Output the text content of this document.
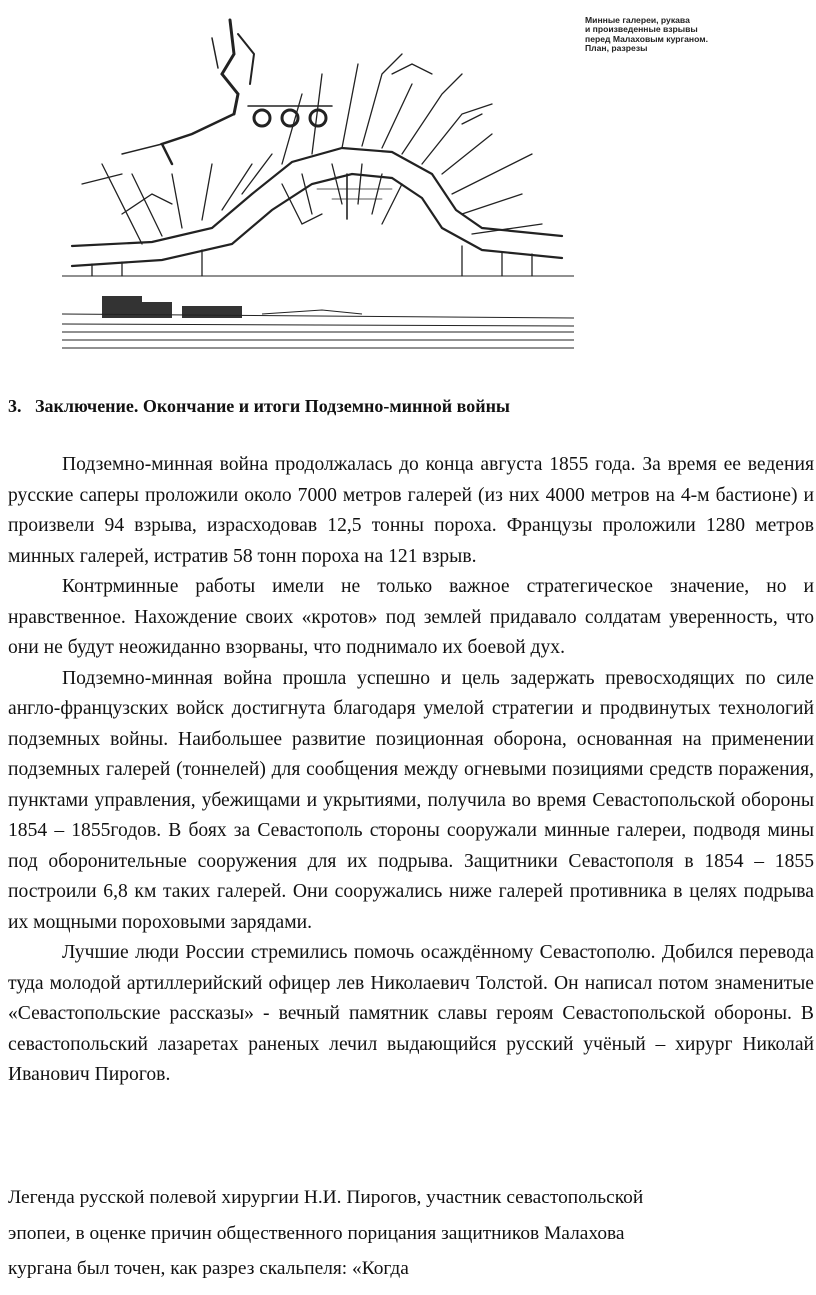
Минные галереи, рукава
и произведенные взрывы
перед Малаховым курганом.
План, разрезы
3. Заключение. Окончание и итоги Подземно-минной войны

Подземно-минная война продолжалась до конца августа 1855 года. За время ее ведения русские саперы проложили около 7000 метров галерей (из них 4000 метров на 4-м бастионе) и произвели 94 взрыва, израсходовав 12,5 тонны пороха. Французы проложили 1280 метров минных галерей, истратив 58 тонн пороха на 121 взрыв.

Контрминные работы имели не только важное стратегическое значение, но и нравственное. Нахождение своих «кротов» под землей придавало солдатам уверенность, что они не будут неожиданно взорваны, что поднимало их боевой дух.

Подземно-минная война прошла успешно и цель задержать превосходящих по силе англо-французских войск достигнута благодаря умелой стратегии и продвинутых технологий подземных войны. Наибольшее развитие позиционная оборона, основанная на применении подземных галерей (тоннелей) для сообщения между огневыми позициями средств поражения, пунктами управления, убежищами и укрытиями, получила во время Севастопольской обороны 1854 – 1855годов. В боях за Севастополь стороны сооружали минные галереи, подводя мины под оборонительные сооружения для их подрыва. Защитники Севастополя в 1854 – 1855 построили 6,8 км таких галерей. Они сооружались ниже галерей противника в целях подрыва их мощными пороховыми зарядами.

Лучшие люди России стремились помочь осаждённому Севастополю. Добился перевода туда молодой артиллерийский офицер лев Николаевич Толстой. Он написал потом знаменитые «Севастопольские рассказы» - вечный памятник славы героям Севастопольской обороны. В севастопольский лазаретах раненых лечил выдающийся русский учёный – хирург Николай Иванович Пирогов.

Легенда русской полевой хирургии Н.И. Пирогов, участник севастопольской
эпопеи, в оценке причин общественного порицания защитников Малахова
кургана был точен, как разрез скальпеля: «Когда
